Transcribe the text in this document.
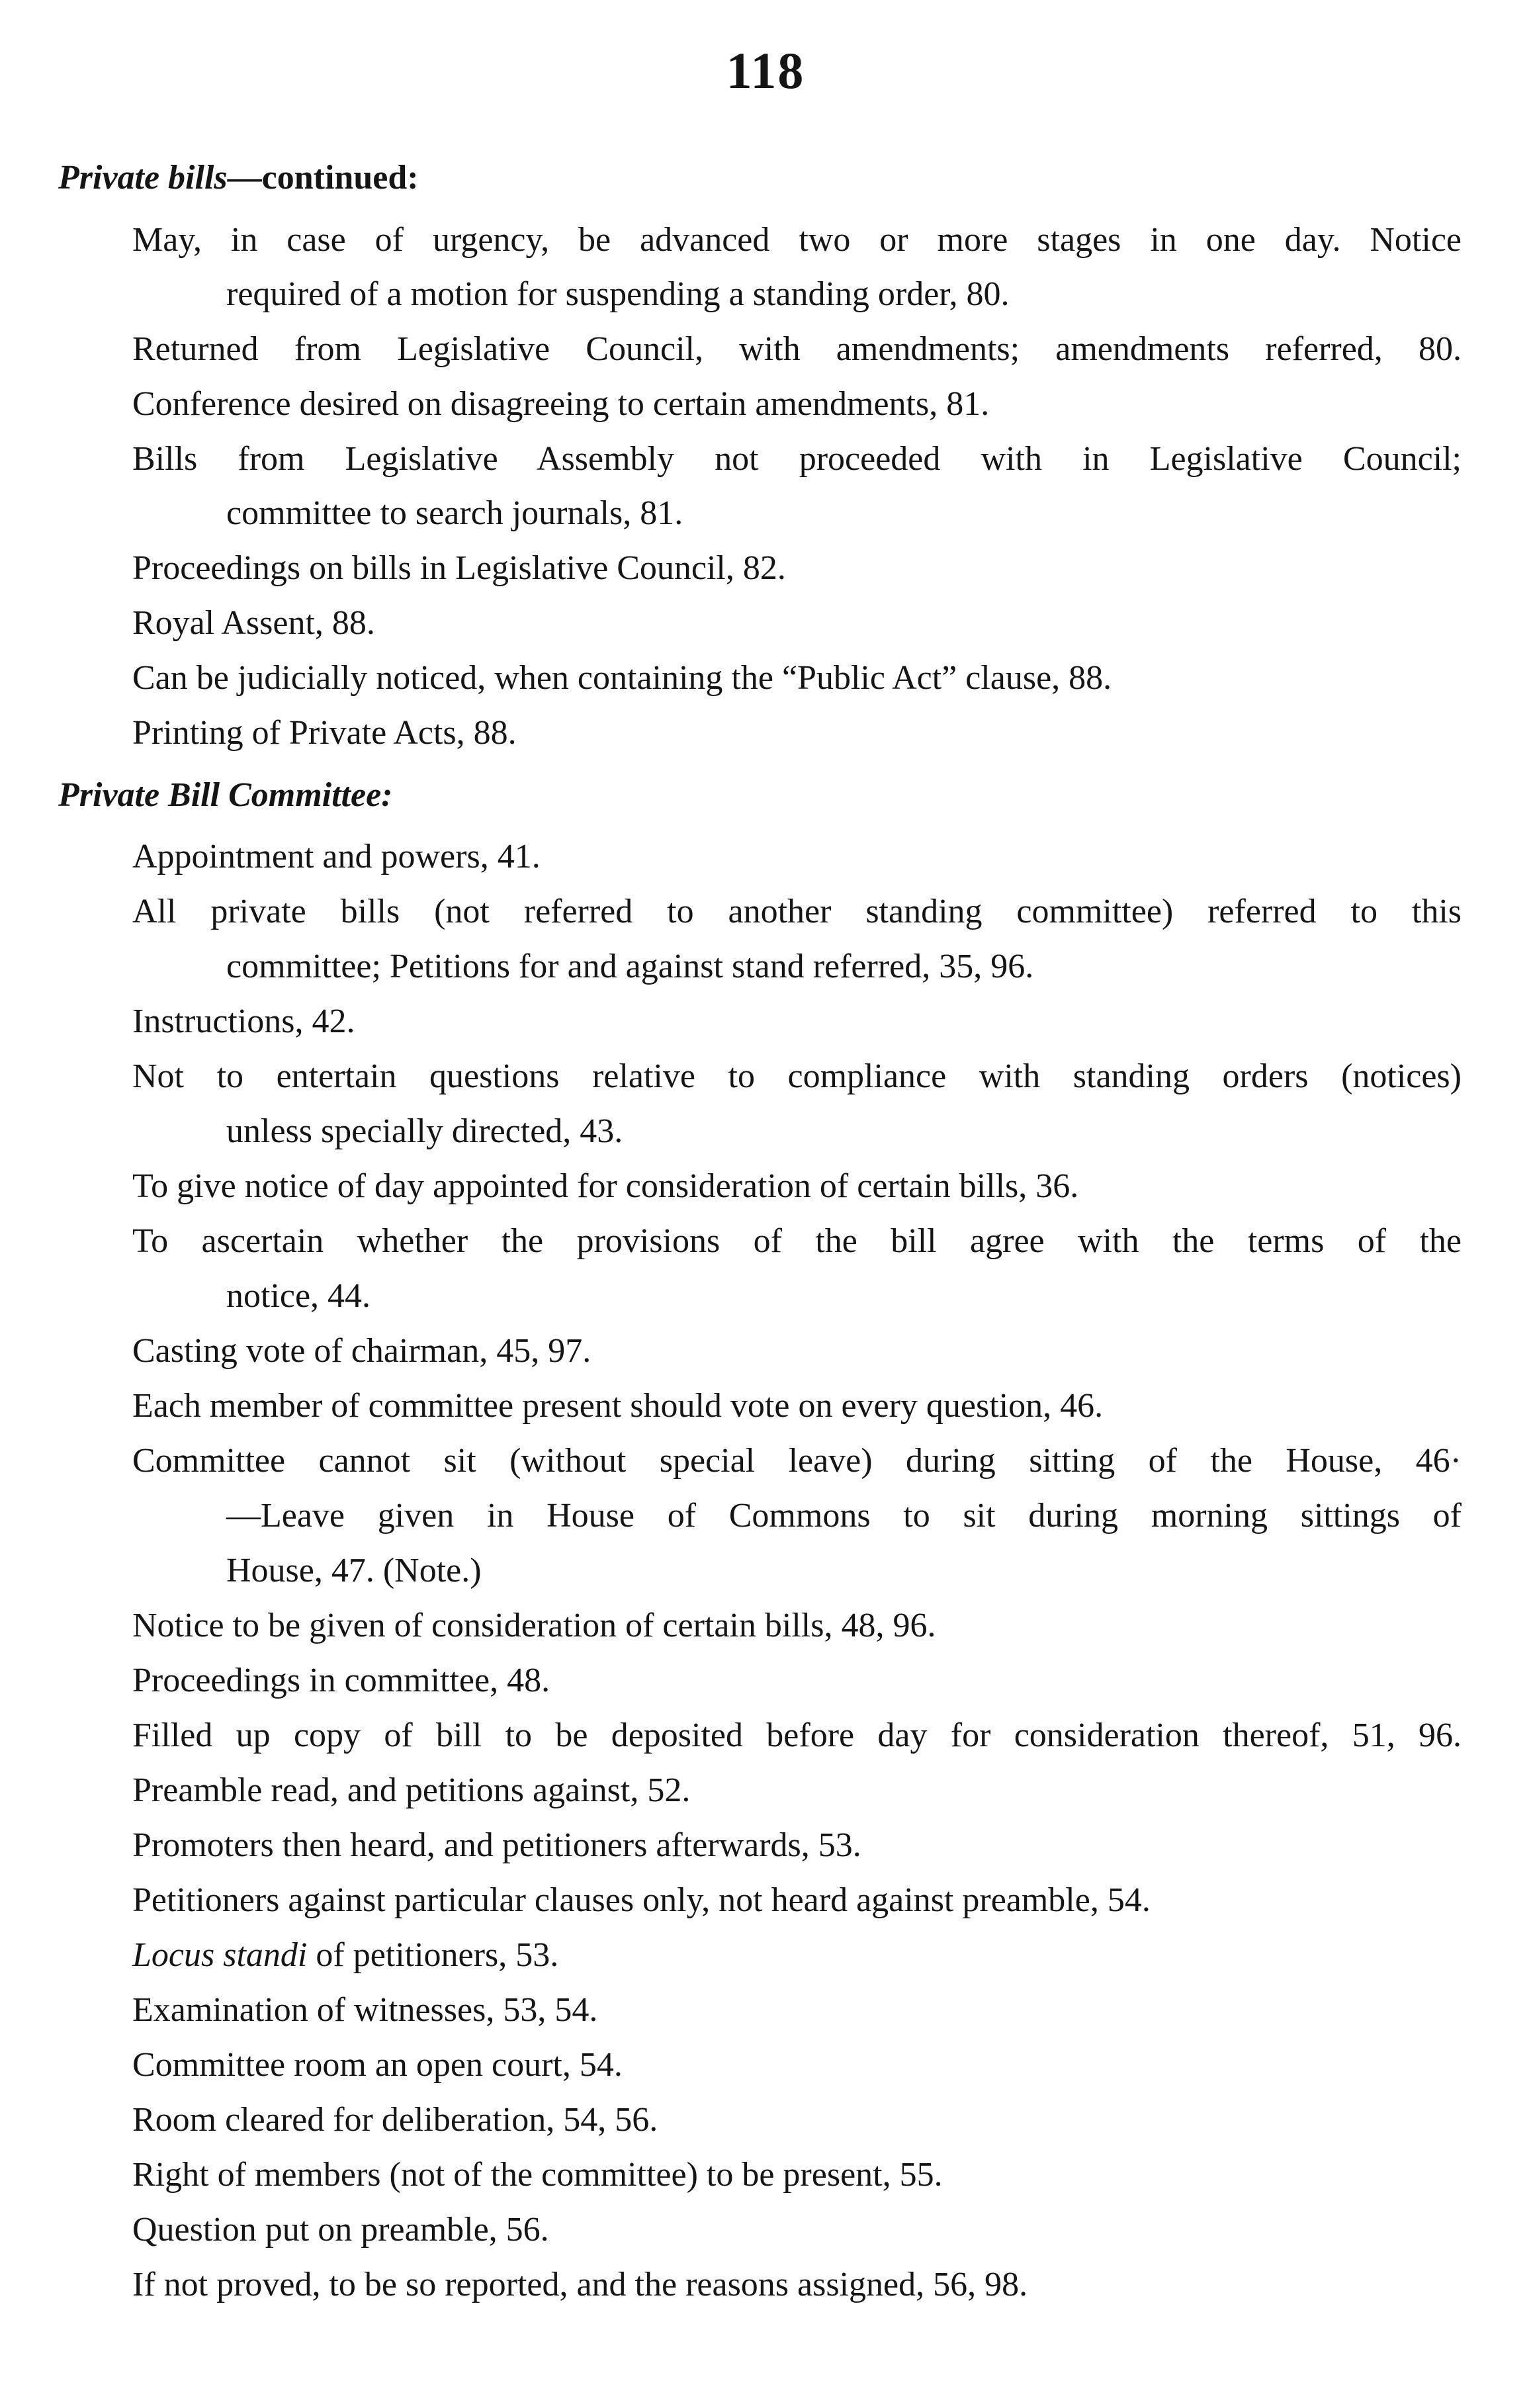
118
Private bills—continued:
May, in case of urgency, be advanced two or more stages in one day. Notice
required of a motion for suspending a standing order, 80.
Returned from Legislative Council, with amendments; amendments referred, 80.
Conference desired on disagreeing to certain amendments, 81.
Bills from Legislative Assembly not proceeded with in Legislative Council;
committee to search journals, 81.
Proceedings on bills in Legislative Council, 82.
Royal Assent, 88.
Can be judicially noticed, when containing the “Public Act” clause, 88.
Printing of Private Acts, 88.
Private Bill Committee:
Appointment and powers, 41.
All private bills (not referred to another standing committee) referred to this
committee; Petitions for and against stand referred, 35, 96.
Instructions, 42.
Not to entertain questions relative to compliance with standing orders (notices)
unless specially directed, 43.
To give notice of day appointed for consideration of certain bills, 36.
To ascertain whether the provisions of the bill agree with the terms of the
notice, 44.
Casting vote of chairman, 45, 97.
Each member of committee present should vote on every question, 46.
Committee cannot sit (without special leave) during sitting of the House, 46·
—Leave given in House of Commons to sit during morning sittings of
House, 47. (Note.)
Notice to be given of consideration of certain bills, 48, 96.
Proceedings in committee, 48.
Filled up copy of bill to be deposited before day for consideration thereof, 51, 96.
Preamble read, and petitions against, 52.
Promoters then heard, and petitioners afterwards, 53.
Petitioners against particular clauses only, not heard against preamble, 54.
Locus standi of petitioners, 53.
Examination of witnesses, 53, 54.
Committee room an open court, 54.
Room cleared for deliberation, 54, 56.
Right of members (not of the committee) to be present, 55.
Question put on preamble, 56.
If not proved, to be so reported, and the reasons assigned, 56, 98.
